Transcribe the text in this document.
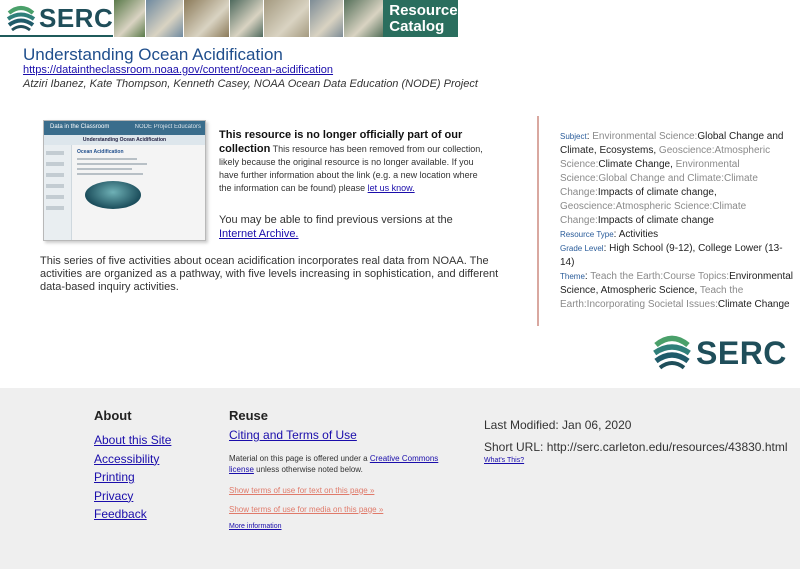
SERC	Resource
Catalog
Understanding Ocean Acidification
https://dataintheclassroom.noaa.gov/content/ocean-acidification
Atziri Ibanez, Kate Thompson, Kenneth Casey, NOAA Ocean Data Education (NODE) Project
Data in the Classroom	NODE Project Educators
Understanding Ocean Acidification
Ocean Acidification
This resource is no longer officially part of our collection This resource has been removed from our collection, likely because the original resource is no longer available. If you have further information about the link (e.g. a new location where the information can be found) please let us know.
You may be able to find previous versions at the Internet Archive.
This series of five activities about ocean acidification incorporates real data from NOAA. The activities are organized as a pathway, with five levels increasing in sophistication, and different data-based inquiry activities.

Subject: Environmental Science:Global Change and Climate, Ecosystems, Geoscience:Atmospheric Science:Climate Change, Environmental Science:Global Change and Climate:Climate Change:Impacts of climate change, Geoscience:Atmospheric Science:Climate Change:Impacts of climate change

Resource Type: Activities

Grade Level: High School (9-12), College Lower (13-14)

Theme: Teach the Earth:Course Topics:Environmental Science, Atmospheric Science, Teach the Earth:Incorporating Societal Issues:Climate Change

SERC
About
About this Site
Accessibility
Printing
Privacy
Feedback
Reuse
Citing and Terms of Use
Material on this page is offered under a Creative Commons license unless otherwise noted below.
Show terms of use for text on this page »
Show terms of use for media on this page »
More information
Last Modified: Jan 06, 2020
Short URL: http://serc.carleton.edu/resources/43830.html
What's This?
